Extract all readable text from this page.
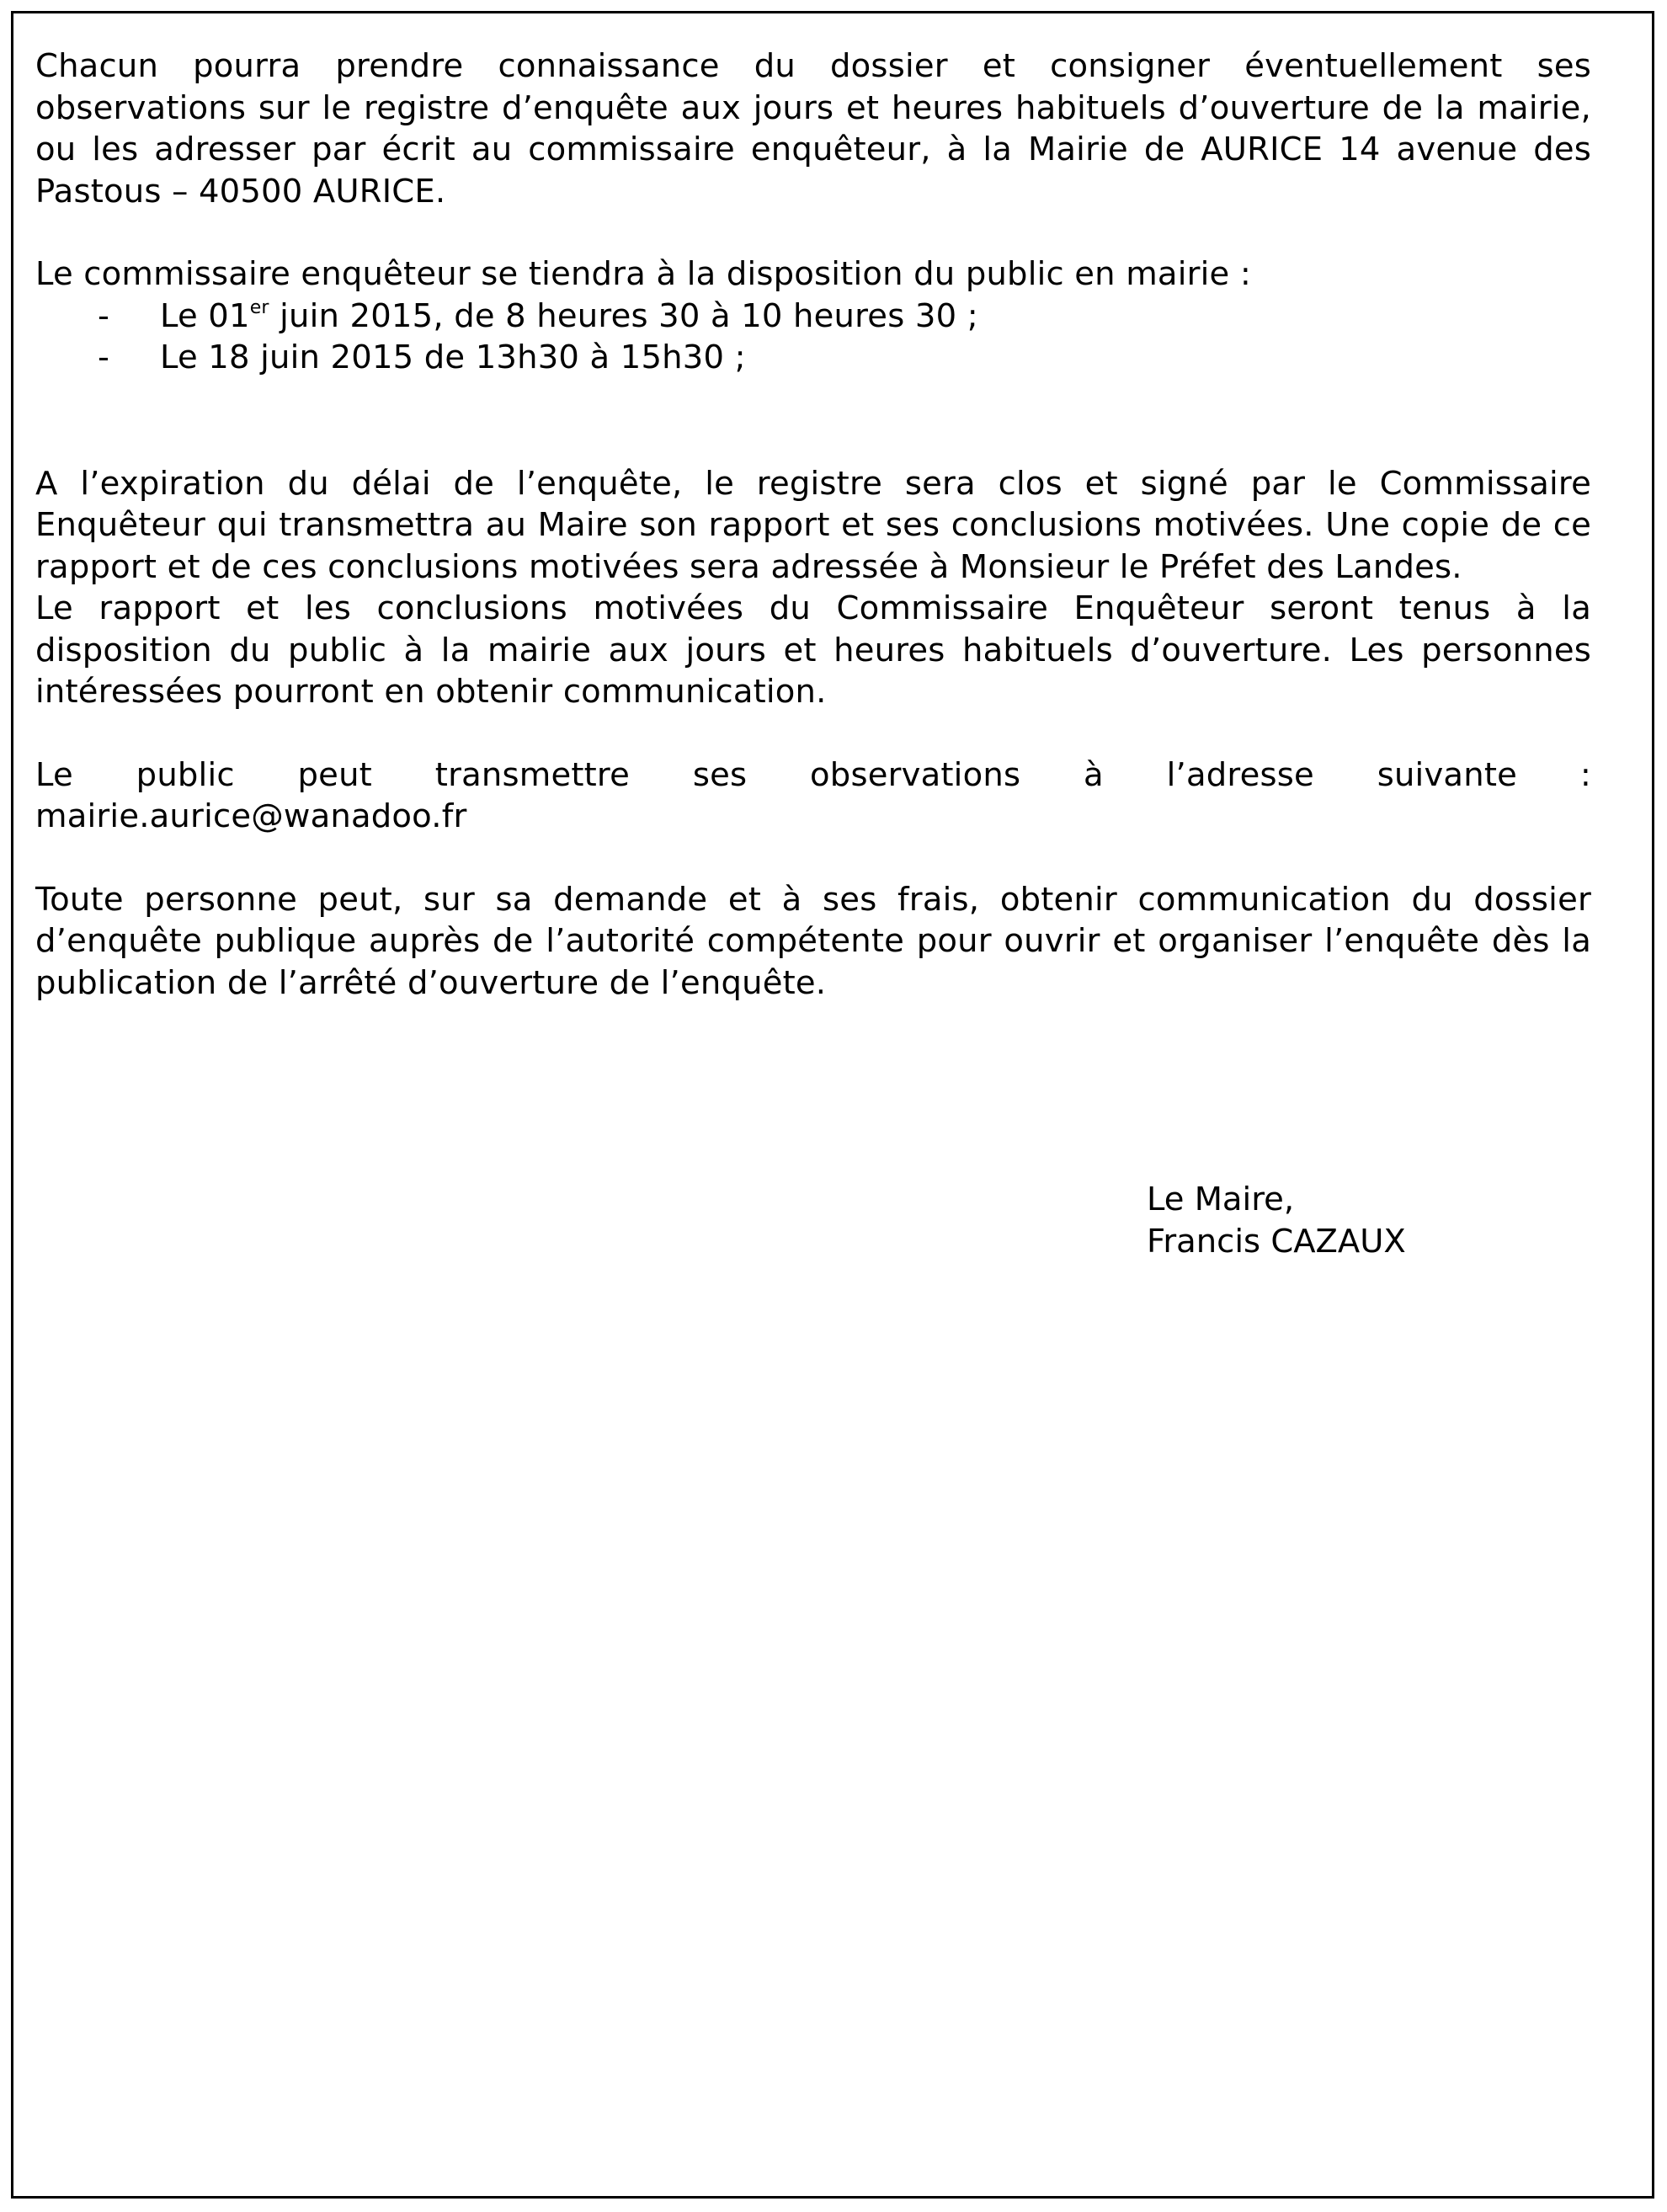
Chacun pourra prendre connaissance du dossier et consigner éventuellement ses observations sur le registre d’enquête aux jours et heures habituels d’ouverture de la mairie, ou les adresser par écrit au commissaire enquêteur, à la Mairie de AURICE 14 avenue des Pastous – 40500 AURICE.

Le commissaire enquêteur se tiendra à la disposition du public en mairie :

- Le 01er juin 2015, de 8 heures 30 à 10 heures 30 ;
- Le 18 juin 2015 de 13h30 à 15h30 ;

A l’expiration du délai de l’enquête, le registre sera clos et signé par le Commissaire Enquêteur qui transmettra au Maire son rapport et ses conclusions motivées. Une copie de ce rapport et de ces conclusions motivées sera adressée à Monsieur le Préfet des Landes.

Le rapport et les conclusions motivées du Commissaire Enquêteur seront tenus à la disposition du public à la mairie aux jours et heures habituels d’ouverture. Les personnes intéressées pourront en obtenir communication.

Le public peut transmettre ses observations à l’adresse suivante :

mairie.aurice@wanadoo.fr

Toute personne peut, sur sa demande et à ses frais, obtenir communication du dossier d’enquête publique auprès de l’autorité compétente pour ouvrir et organiser l’enquête dès la publication de l’arrêté d’ouverture de l’enquête.

Le Maire,

Francis CAZAUX
